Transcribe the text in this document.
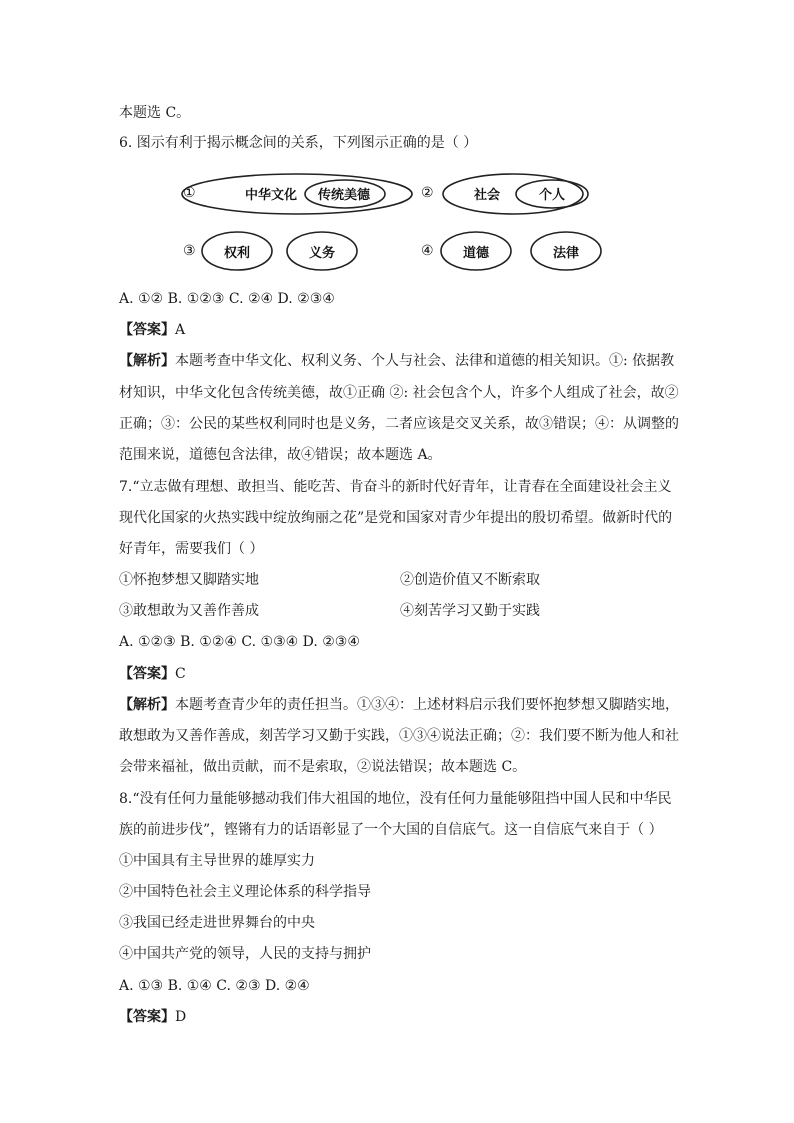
本题选 C。
6. 图示有利于揭示概念间的关系，下列图示正确的是（ ）
①	中华文化 传统美德	②	社会	个人
③ 权利	义务	④ 道德	法律
A. ①② B. ①②③ C. ②④ D. ②③④
【答案】A
【解析】本题考查中华文化、权利义务、个人与社会、法律和道德的相关知识。①: 依据教
材知识，中华文化包含传统美德，故①正确 ②: 社会包含个人，许多个人组成了社会，故②
正确；③：公民的某些权利同时也是义务，二者应该是交叉关系，故③错误；④：从调整的
范围来说，道德包含法律，故④错误；故本题选 A。
7.“立志做有理想、敢担当、能吃苦、肯奋斗的新时代好青年，让青春在全面建设社会主义
现代化国家的火热实践中绽放绚丽之花”是党和国家对青少年提出的殷切希望。做新时代的
好青年，需要我们（ ）
①怀抱梦想又脚踏实地	②创造价值又不断索取
③敢想敢为又善作善成	④刻苦学习又勤于实践
A. ①②③ B. ①②④ C. ①③④ D. ②③④
【答案】C
【解析】本题考查青少年的责任担当。①③④：上述材料启示我们要怀抱梦想又脚踏实地，
敢想敢为又善作善成，刻苦学习又勤于实践，①③④说法正确；②：我们要不断为他人和社
会带来福祉，做出贡献，而不是索取，②说法错误；故本题选 C。
8.“没有任何力量能够撼动我们伟大祖国的地位，没有任何力量能够阻挡中国人民和中华民
族的前进步伐”，铿锵有力的话语彰显了一个大国的自信底气。这一自信底气来自于（ ）
①中国具有主导世界的雄厚实力
②中国特色社会主义理论体系的科学指导
③我国已经走进世界舞台的中央
④中国共产党的领导，人民的支持与拥护
A. ①③ B. ①④ C. ②③ D. ②④
【答案】D
